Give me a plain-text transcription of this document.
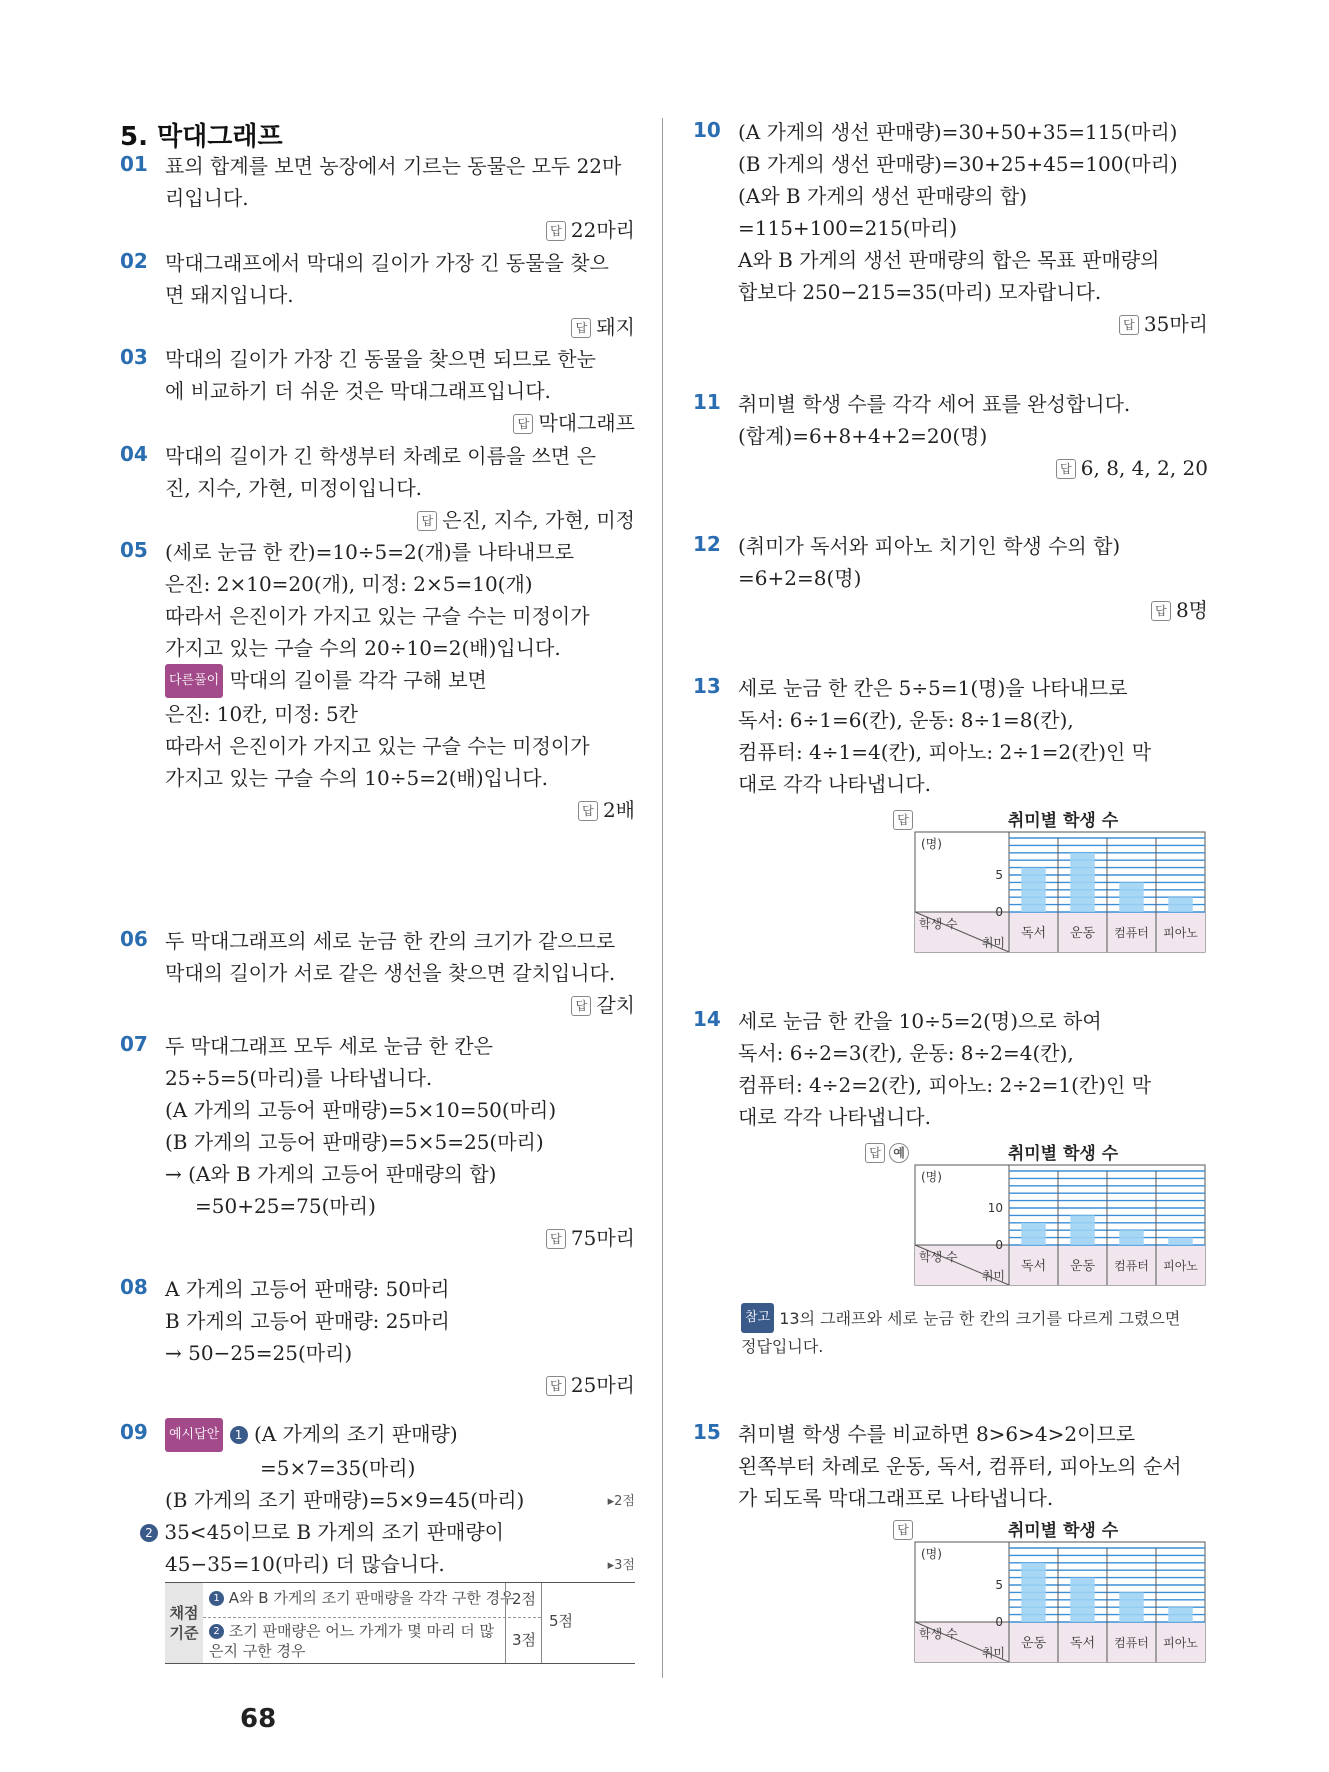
5. 막대그래프
01 표의 합계를 보면 농장에서 기르는 동물은 모두 22마

리입니다.

답 22마리
02 막대그래프에서 막대의 길이가 가장 긴 동물을 찾으

면 돼지입니다.

답 돼지
03 막대의 길이가 가장 긴 동물을 찾으면 되므로 한눈

에 비교하기 더 쉬운 것은 막대그래프입니다.

답 막대그래프
04 막대의 길이가 긴 학생부터 차례로 이름을 쓰면 은

진, 지수, 가현, 미정이입니다.

답 은진, 지수, 가현, 미정
05 (세로 눈금 한 칸)=10÷5=2(개)를 나타내므로

은진: 2×10=20(개), 미정: 2×5=10(개)

따라서 은진이가 가지고 있는 구슬 수는 미정이가

가지고 있는 구슬 수의 20÷10=2(배)입니다.

다른풀이 막대의 길이를 각각 구해 보면

은진: 10칸, 미정: 5칸

따라서 은진이가 가지고 있는 구슬 수는 미정이가

가지고 있는 구슬 수의 10÷5=2(배)입니다.

답 2배
06 두 막대그래프의 세로 눈금 한 칸의 크기가 같으므로

막대의 길이가 서로 같은 생선을 찾으면 갈치입니다.

답 갈치
07 두 막대그래프 모두 세로 눈금 한 칸은

25÷5=5(마리)를 나타냅니다.

(A 가게의 고등어 판매량)=5×10=50(마리)

(B 가게의 고등어 판매량)=5×5=25(마리)

→ (A와 B 가게의 고등어 판매량의 합)

=50+25=75(마리)

답 75마리
08 A 가게의 고등어 판매량: 50마리

B 가게의 고등어 판매량: 25마리

→ 50−25=25(마리)

답 25마리
09	예시답안 1 (A 가게의 조기 판매량)

=5×7=35(마리)

(B 가게의 조기 판매량)=5×9=45(마리)	▸2점

2 35<45이므로 B 가게의 조기 판매량이

45−35=10(마리) 더 많습니다.	▸3점

채점 기준
1 A와 B 가게의 조기 판매량을 각각 구한 경우
2점
2 조기 판매량은 어느 가게가 몇 마리 더 많은지 구한 경우
3점
5점
68
10 (A 가게의 생선 판매량)=30+50+35=115(마리)

(B 가게의 생선 판매량)=30+25+45=100(마리)

(A와 B 가게의 생선 판매량의 합)

=115+100=215(마리)

A와 B 가게의 생선 판매량의 합은 목표 판매량의

합보다 250−215=35(마리) 모자랍니다.

답 35마리
11 취미별 학생 수를 각각 세어 표를 완성합니다.

(합계)=6+8+4+2=20(명)

답 6, 8, 4, 2, 20
12 (취미가 독서와 피아노 치기인 학생 수의 합)

=6+2=8(명)

답 8명
13 세로 눈금 한 칸은 5÷5=1(명)을 나타내므로

독서: 6÷1=6(칸), 운동: 8÷1=8(칸),

컴퓨터: 4÷1=4(칸), 피아노: 2÷1=2(칸)인 막

대로 각각 나타냅니다.

답	취미별 학생 수
독서 운동 컴퓨터 피아노
0
5
(명)
학생 수
취미
14 세로 눈금 한 칸을 10÷5=2(명)으로 하여

독서: 6÷2=3(칸), 운동: 8÷2=4(칸),

컴퓨터: 4÷2=2(칸), 피아노: 2÷2=1(칸)인 막

대로 각각 나타냅니다.

답	예	취미별 학생 수
독서 운동 컴퓨터 피아노
0
10
(명)
학생 수
취미

참고 13의 그래프와 세로 눈금 한 칸의 크기를 다르게 그렸으면

정답입니다.

15 취미별 학생 수를 비교하면 8>6>4>2이므로

왼쪽부터 차례로 운동, 독서, 컴퓨터, 피아노의 순서

가 되도록 막대그래프로 나타냅니다.

답	취미별 학생 수
운동 독서 컴퓨터 피아노
0
5
(명)
학생 수
취미
